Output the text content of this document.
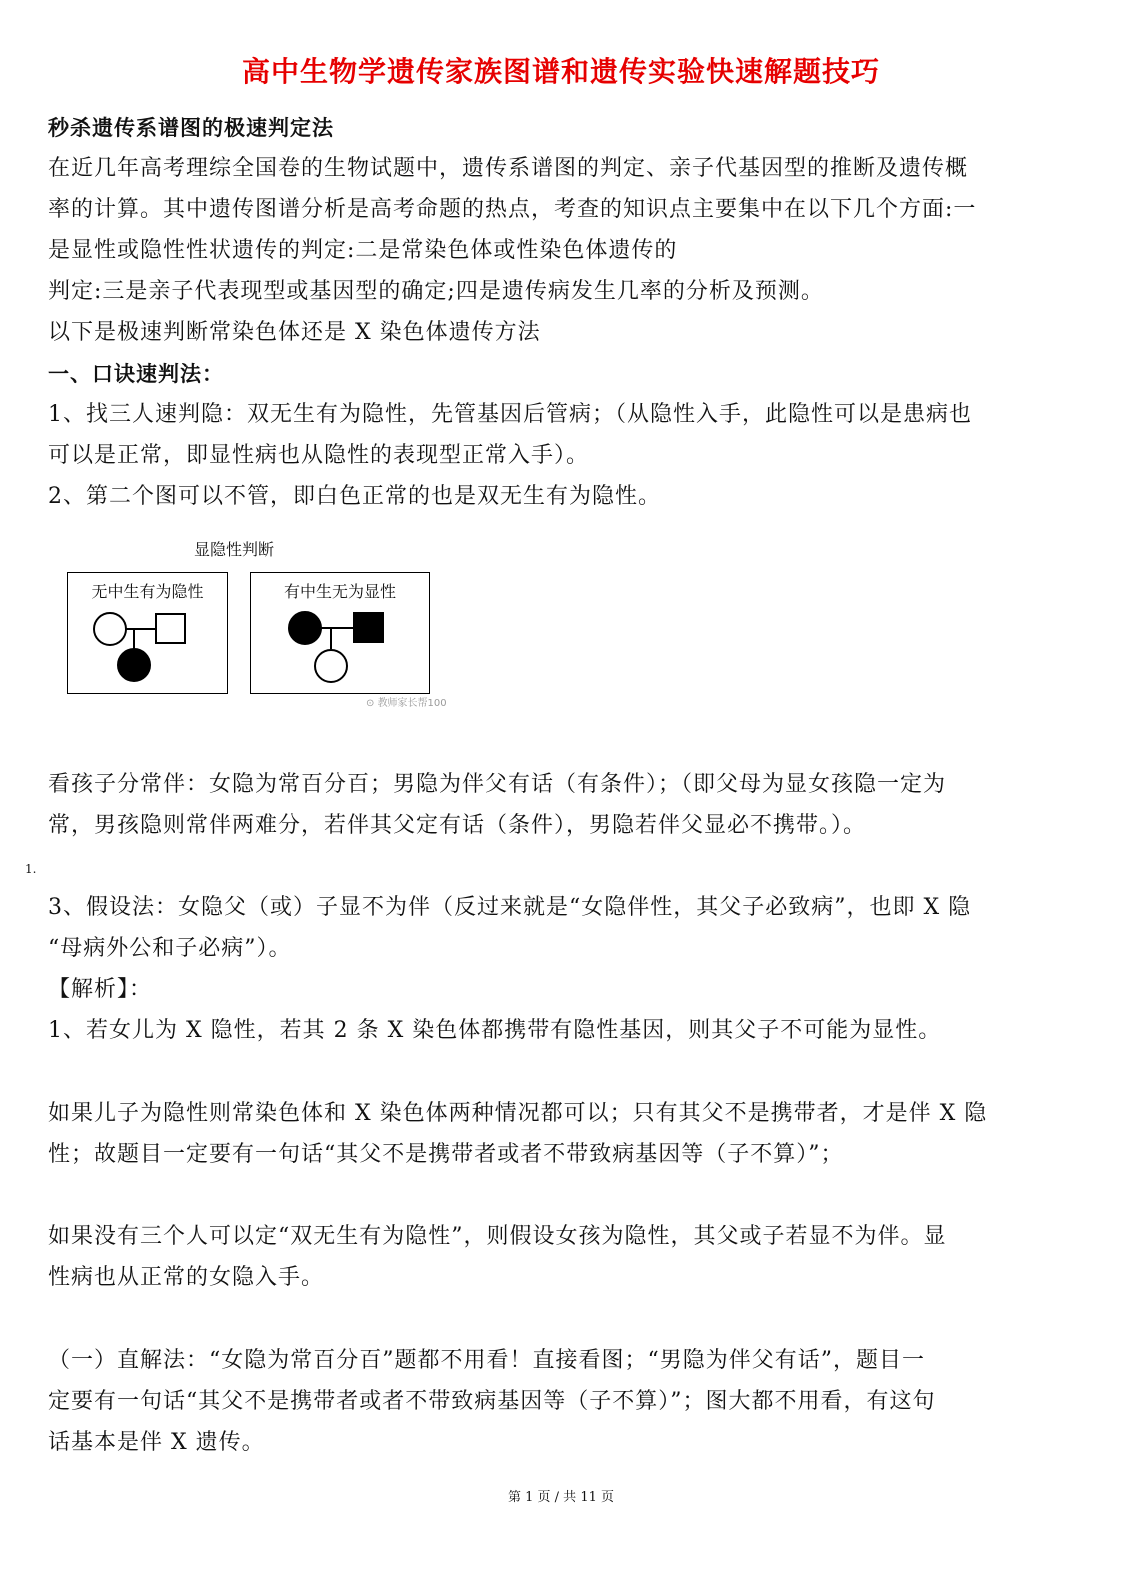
高中生物学遗传家族图谱和遗传实验快速解题技巧
秒杀遗传系谱图的极速判定法
在近几年高考理综全国卷的生物试题中，遗传系谱图的判定、亲子代基因型的推断及遗传概
率的计算。其中遗传图谱分析是高考命题的热点，考查的知识点主要集中在以下几个方面:一
是显性或隐性性状遗传的判定:二是常染色体或性染色体遗传的
判定:三是亲子代表现型或基因型的确定;四是遗传病发生几率的分析及预测。
以下是极速判断常染色体还是 X 染色体遗传方法
一、口诀速判法：
1、找三人速判隐：双无生有为隐性，先管基因后管病；（从隐性入手，此隐性可以是患病也
可以是正常，即显性病也从隐性的表现型正常入手）。
2、第二个图可以不管，即白色正常的也是双无生有为隐性。
显隐性判断
无中生有为隐性	有中生无为显性
⊙ 教师家长帮100
看孩子分常伴：女隐为常百分百；男隐为伴父有话（有条件）；（即父母为显女孩隐一定为
常，男孩隐则常伴两难分，若伴其父定有话（条件），男隐若伴父显必不携带。）。
1.
3、假设法：女隐父（或）子显不为伴（反过来就是“女隐伴性，其父子必致病”，也即 X 隐
“母病外公和子必病”）。
【解析】：
1、若女儿为 X 隐性，若其 2 条 X 染色体都携带有隐性基因，则其父子不可能为显性。
如果儿子为隐性则常染色体和 X 染色体两种情况都可以；只有其父不是携带者，才是伴 X 隐
性；故题目一定要有一句话“其父不是携带者或者不带致病基因等（子不算）”；
如果没有三个人可以定“双无生有为隐性”，则假设女孩为隐性，其父或子若显不为伴。显
性病也从正常的女隐入手。
（一）直解法：“女隐为常百分百”题都不用看！直接看图；“男隐为伴父有话”，题目一
定要有一句话“其父不是携带者或者不带致病基因等（子不算）”；图大都不用看，有这句
话基本是伴 X 遗传。
第 1 页 / 共 11 页
